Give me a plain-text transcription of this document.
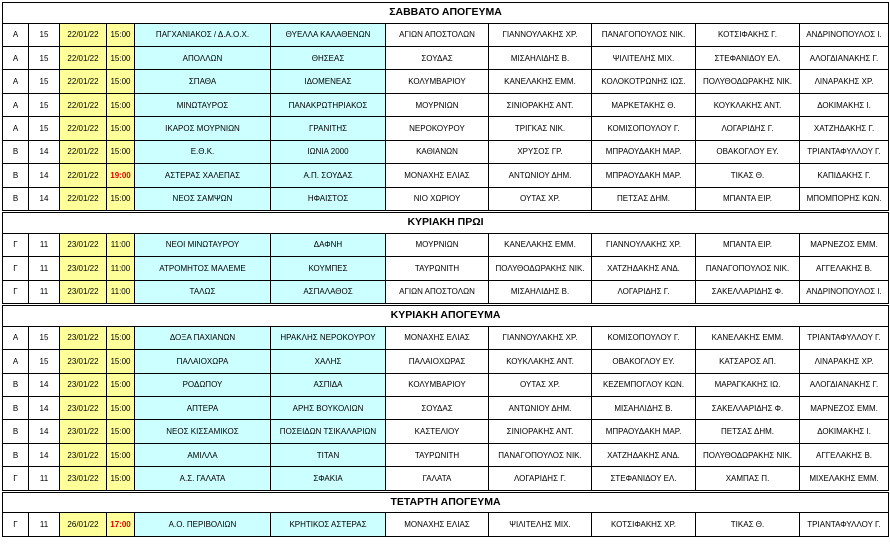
ΣΑΒΒΑΤΟ ΑΠΟΓΕΥΜΑ										
Α	15	22/01/22	15:00	ΠΑΓΧΑΝΙΑΚΟΣ / Δ.Α.Ο.Χ.	ΘΥΕΛΛΑ ΚΑΛΑΘΕΝΩΝ	ΑΓΙΩΝ ΑΠΟΣΤΟΛΩΝ	ΓΙΑΝΝΟΥΛΑΚΗΣ ΧΡ.	ΠΑΝΑΓΟΠΟΥΛΟΣ ΝΙΚ.	ΚΟΤΣΙΦΑΚΗΣ Γ.	ΑΝΔΡΙΝΟΠΟΥΛΟΣ Ι.
Α	15	22/01/22	15:00	ΑΠΟΛΛΩΝ	ΘΗΣΕΑΣ	ΣΟΥΔΑΣ	ΜΙΣΑΗΛΙΔΗΣ Β.	ΨΙΛΙΤΕΛΗΣ ΜΙΧ.	ΣΤΕΦΑΝΙΔΟΥ ΕΛ.	ΑΛΟΓΔΙΑΝΑΚΗΣ Γ.
Α	15	22/01/22	15:00	ΣΠΑΘΑ	ΙΔΟΜΕΝΕΑΣ	ΚΟΛΥΜΒΑΡΙΟΥ	ΚΑΝΕΛΑΚΗΣ ΕΜΜ.	ΚΟΛΟΚΟΤΡΩΝΗΣ ΙΩΣ.	ΠΟΛΥΘΟΔΩΡΑΚΗΣ ΝΙΚ.	ΛΙΝΑΡΑΚΗΣ ΧΡ.
Α	15	22/01/22	15:00	ΜΙΝΩΤΑΥΡΟΣ	ΠΑΝΑΚΡΩΤΗΡΙΑΚΟΣ	ΜΟΥΡΝΙΩΝ	ΣΙΝΙΟΡΑΚΗΣ ΑΝΤ.	ΜΑΡΚΕΤΑΚΗΣ Θ.	ΚΟΥΚΛΑΚΗΣ ΑΝΤ.	ΔΟΚΙΜΑΚΗΣ Ι.
Α	15	22/01/22	15:00	ΙΚΑΡΟΣ ΜΟΥΡΝΙΩΝ	ΓΡΑΝΙΤΗΣ	ΝΕΡΟΚΟΥΡΟΥ	ΤΡΙΓΚΑΣ ΝΙΚ.	ΚΟΜΙΣΟΠΟΥΛΟΥ Γ.	ΛΟΓΑΡΙΔΗΣ Γ.	ΧΑΤΖΗΔΑΚΗΣ Γ.
Β	14	22/01/22	15:00	Ε.Θ.Κ.	ΙΩΝΙΑ 2000	ΚΑΘΙΑΝΩΝ	ΧΡΥΣΟΣ ΓΡ.	ΜΠΡΑΟΥΔΑΚΗ ΜΑΡ.	ΟΒΑΚΟΓΛΟΥ ΕΥ.	ΤΡΙΑΝΤΑΦΥΛΛΟΥ Γ.
Β	14	22/01/22	19:00	ΑΣΤΕΡΑΣ ΧΑΛΕΠΑΣ	Α.Π. ΣΟΥΔΑΣ	ΜΟΝΑΧΗΣ ΕΛΙΑΣ	ΑΝΤΩΝΙΟΥ ΔΗΜ.	ΜΠΡΑΟΥΔΑΚΗ ΜΑΡ.	ΤΙΚΑΣ Θ.	ΚΑΠΙΔΑΚΗΣ Γ.
Β	14	22/01/22	15:00	ΝΕΟΣ ΣΑΜΨΩΝ	ΗΦΑΙΣΤΟΣ	ΝΙΟ ΧΩΡΙΟΥ	ΟΥΤΑΣ ΧΡ.	ΠΕΤΣΑΣ ΔΗΜ.	ΜΠΑΝΤΑ ΕΙΡ.	ΜΠΟΜΠΟΡΗΣ ΚΩΝ.

ΚΥΡΙΑΚΗ ΠΡΩΙ										
Γ	11	23/01/22	11:00	ΝΕΟΙ ΜΙΝΩΤΑΥΡΟΥ	ΔΑΦΝΗ	ΜΟΥΡΝΙΩΝ	ΚΑΝΕΛΑΚΗΣ ΕΜΜ.	ΓΙΑΝΝΟΥΛΑΚΗΣ ΧΡ.	ΜΠΑΝΤΑ ΕΙΡ.	ΜΑΡΝΕΖΟΣ ΕΜΜ.
Γ	11	23/01/22	11:00	ΑΤΡΟΜΗΤΟΣ ΜΑΛΕΜΕ	ΚΟΥΜΠΕΣ	ΤΑΥΡΩΝΙΤΗ	ΠΟΛΥΘΟΔΩΡΑΚΗΣ ΝΙΚ.	ΧΑΤΖΗΔΑΚΗΣ ΑΝΔ.	ΠΑΝΑΓΟΠΟΥΛΟΣ ΝΙΚ.	ΑΓΓΕΛΑΚΗΣ Β.
Γ	11	23/01/22	11:00	ΤΑΛΩΣ	ΑΣΠΑΛΑΘΟΣ	ΑΓΙΩΝ ΑΠΟΣΤΟΛΩΝ	ΜΙΣΑΗΛΙΔΗΣ Β.	ΛΟΓΑΡΙΔΗΣ Γ.	ΣΑΚΕΛΛΑΡΙΔΗΣ Φ.	ΑΝΔΡΙΝΟΠΟΥΛΟΣ Ι.

ΚΥΡΙΑΚΗ ΑΠΟΓΕΥΜΑ										
Α	15	23/01/22	15:00	ΔΟΞΑ ΠΑΧΙΑΝΩΝ	ΗΡΑΚΛΗΣ ΝΕΡΟΚΟΥΡΟΥ	ΜΟΝΑΧΗΣ ΕΛΙΑΣ	ΓΙΑΝΝΟΥΛΑΚΗΣ ΧΡ.	ΚΟΜΙΣΟΠΟΥΛΟΥ Γ.	ΚΑΝΕΛΑΚΗΣ ΕΜΜ.	ΤΡΙΑΝΤΑΦΥΛΛΟΥ Γ.
Α	15	23/01/22	15:00	ΠΑΛΑΙΟΧΩΡΑ	ΧΑΛΗΣ	ΠΑΛΑΙΟΧΩΡΑΣ	ΚΟΥΚΛΑΚΗΣ ΑΝΤ.	ΟΒΑΚΟΓΛΟΥ ΕΥ.	ΚΑΤΣΑΡΟΣ ΑΠ.	ΛΙΝΑΡΑΚΗΣ ΧΡ.
Β	14	23/01/22	15:00	ΡΟΔΩΠΟΥ	ΑΣΠΙΔΑ	ΚΟΛΥΜΒΑΡΙΟΥ	ΟΥΤΑΣ ΧΡ.	ΚΕΖΕΜΠΟΓΛΟΥ ΚΩΝ.	ΜΑΡΑΓΚΑΚΗΣ ΙΩ.	ΑΛΟΓΔΙΑΝΑΚΗΣ Γ.
Β	14	23/01/22	15:00	ΑΠΤΕΡΑ	ΑΡΗΣ ΒΟΥΚΟΛΙΩΝ	ΣΟΥΔΑΣ	ΑΝΤΩΝΙΟΥ ΔΗΜ.	ΜΙΣΑΗΛΙΔΗΣ Β.	ΣΑΚΕΛΛΑΡΙΔΗΣ Φ.	ΜΑΡΝΕΖΟΣ ΕΜΜ.
Β	14	23/01/22	15:00	ΝΕΟΣ ΚΙΣΣΑΜΙΚΟΣ	ΠΟΣΕΙΔΩΝ ΤΣΙΚΑΛΑΡΙΩΝ	ΚΑΣΤΕΛΙΟΥ	ΣΙΝΙΟΡΑΚΗΣ ΑΝΤ.	ΜΠΡΑΟΥΔΑΚΗ ΜΑΡ.	ΠΕΤΣΑΣ ΔΗΜ.	ΔΟΚΙΜΑΚΗΣ Ι.
Β	14	23/01/22	15:00	ΑΜΙΛΛΑ	ΤΙΤΑΝ	ΤΑΥΡΩΝΙΤΗ	ΠΑΝΑΓΟΠΟΥΛΟΣ ΝΙΚ.	ΧΑΤΖΗΔΑΚΗΣ ΑΝΔ.	ΠΟΛΥΘΟΔΩΡΑΚΗΣ ΝΙΚ.	ΑΓΓΕΛΑΚΗΣ Β.
Γ	11	23/01/22	15:00	Α.Σ. ΓΑΛΑΤΑ	ΣΦΑΚΙΑ	ΓΑΛΑΤΑ	ΛΟΓΑΡΙΔΗΣ Γ.	ΣΤΕΦΑΝΙΔΟΥ ΕΛ.	ΧΑΜΠΑΣ Π.	ΜΙΧΕΛΑΚΗΣ ΕΜΜ.

ΤΕΤΑΡΤΗ ΑΠΟΓΕΥΜΑ										
Γ	11	26/01/22	17:00	Α.Ο. ΠΕΡΙΒΟΛΙΩΝ	ΚΡΗΤΙΚΟΣ ΑΣΤΕΡΑΣ	ΜΟΝΑΧΗΣ ΕΛΙΑΣ	ΨΙΛΙΤΕΛΗΣ ΜΙΧ.	ΚΟΤΣΙΦΑΚΗΣ ΧΡ.	ΤΙΚΑΣ Θ.	ΤΡΙΑΝΤΑΦΥΛΛΟΥ Γ.
